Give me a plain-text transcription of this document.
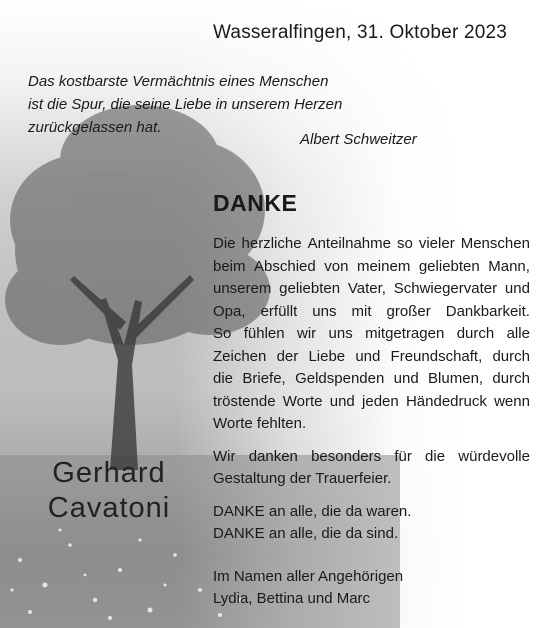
Wasseralfingen, 31. Oktober 2023
Das kostbarste Vermächtnis eines Menschen
ist die Spur, die seine Liebe in unserem Herzen
zurückgelassen hat.
Albert Schweitzer
DANKE
Die herzliche Anteilnahme so vieler Menschen
beim Abschied von meinem geliebten Mann,
unserem geliebten Vater, Schwiegervater und
Opa, erfüllt uns mit großer Dankbarkeit.
So fühlen wir uns mitgetragen durch alle
Zeichen der Liebe und Freundschaft, durch
die Briefe, Geldspenden und Blumen, durch
tröstende Worte und jeden Händedruck wenn
Worte fehlten.
Wir danken besonders für die würdevolle
Gestaltung der Trauerfeier.
DANKE an alle, die da waren.
DANKE an alle, die da sind.
Im Namen aller Angehörigen
Lydia, Bettina und Marc
Gerhard
Cavatoni
